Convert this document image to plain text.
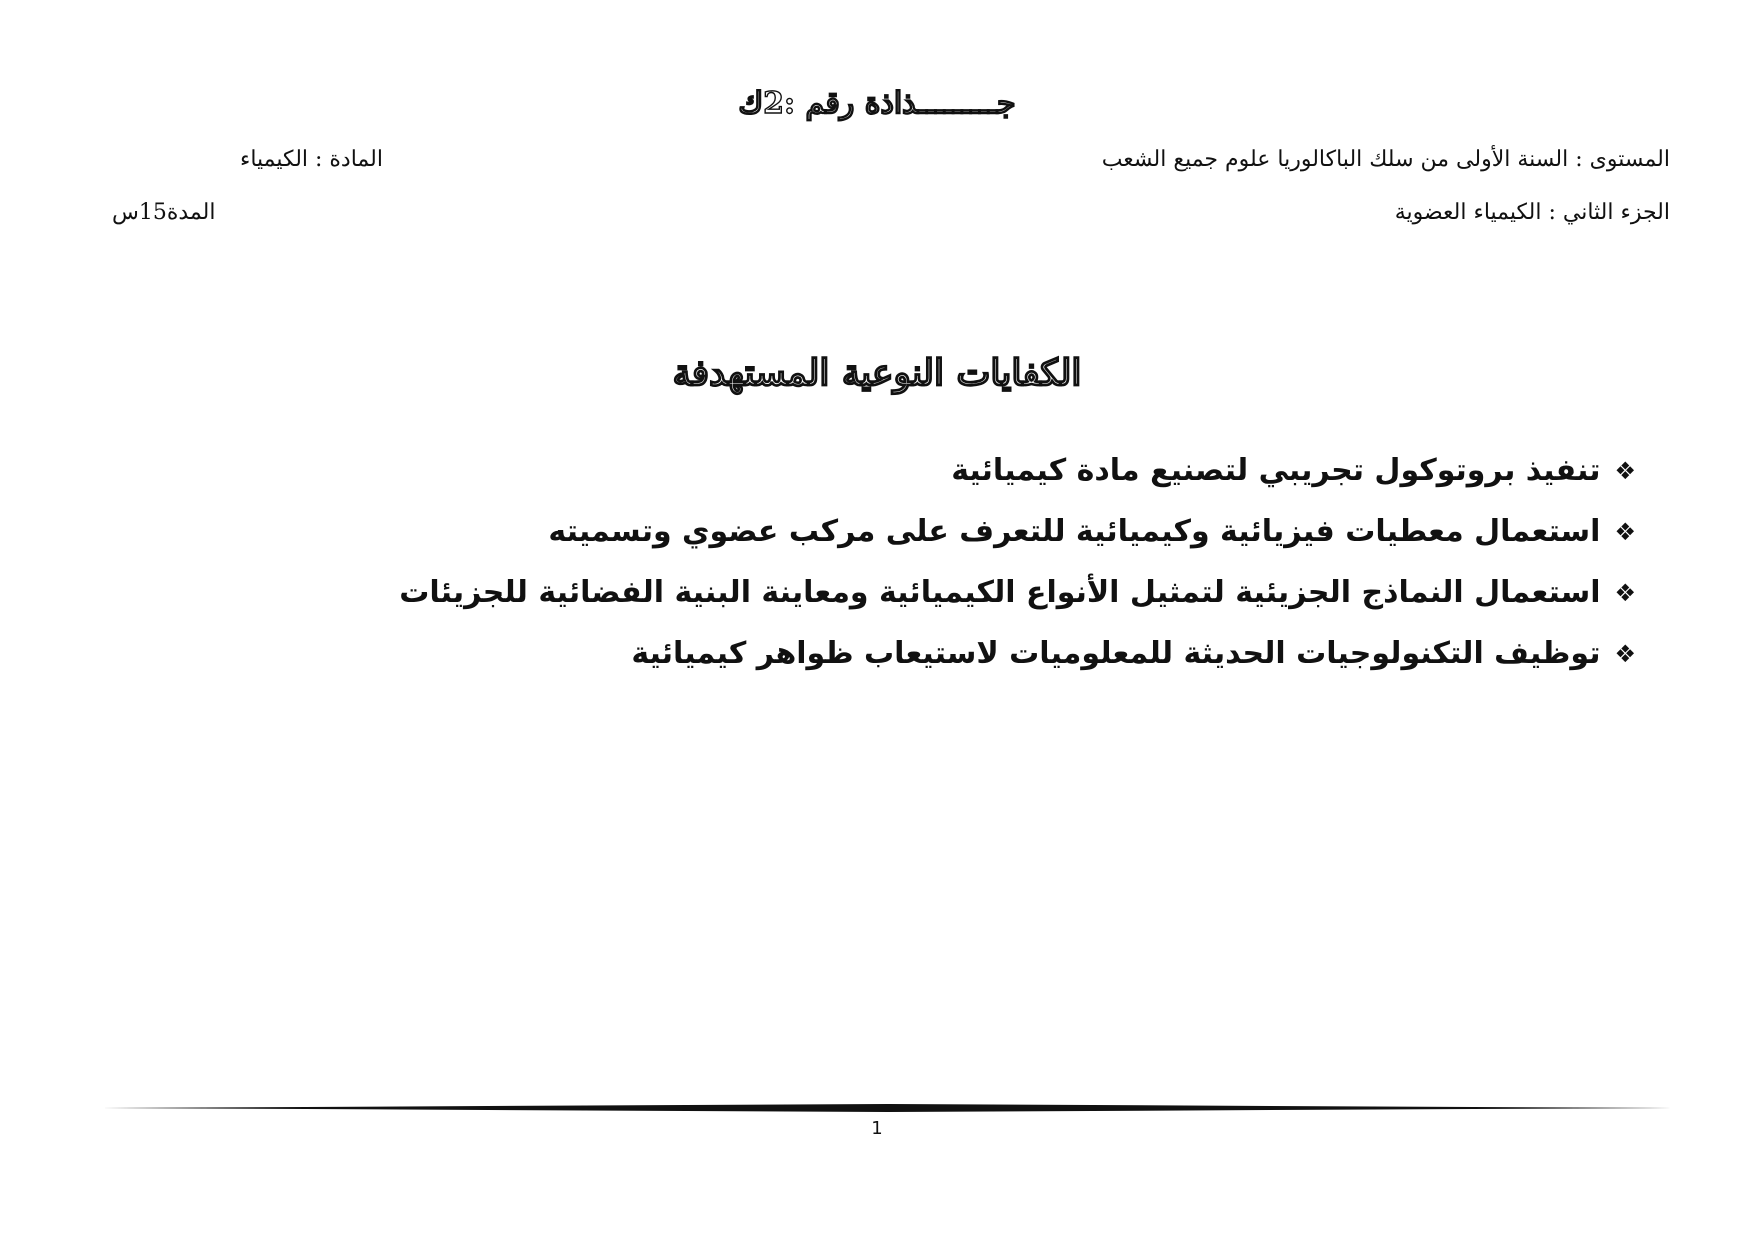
جـــــــــذاذة رقم :2ك
المستوى : السنة الأولى من سلك الباكالوريا علوم جميع الشعب
المادة : الكيمياء
الجزء الثاني : الكيمياء العضوية
المدة15س
الكفايات النوعية المستهدفة
❖
تنفيذ بروتوكول تجريبي لتصنيع مادة كيميائية
❖
استعمال معطيات فيزيائية وكيميائية للتعرف على مركب عضوي وتسميته
❖
استعمال النماذج الجزيئية لتمثيل الأنواع الكيميائية ومعاينة البنية الفضائية للجزيئات
❖
توظيف التكنولوجيات الحديثة للمعلوميات لاستيعاب ظواهر كيميائية
1
